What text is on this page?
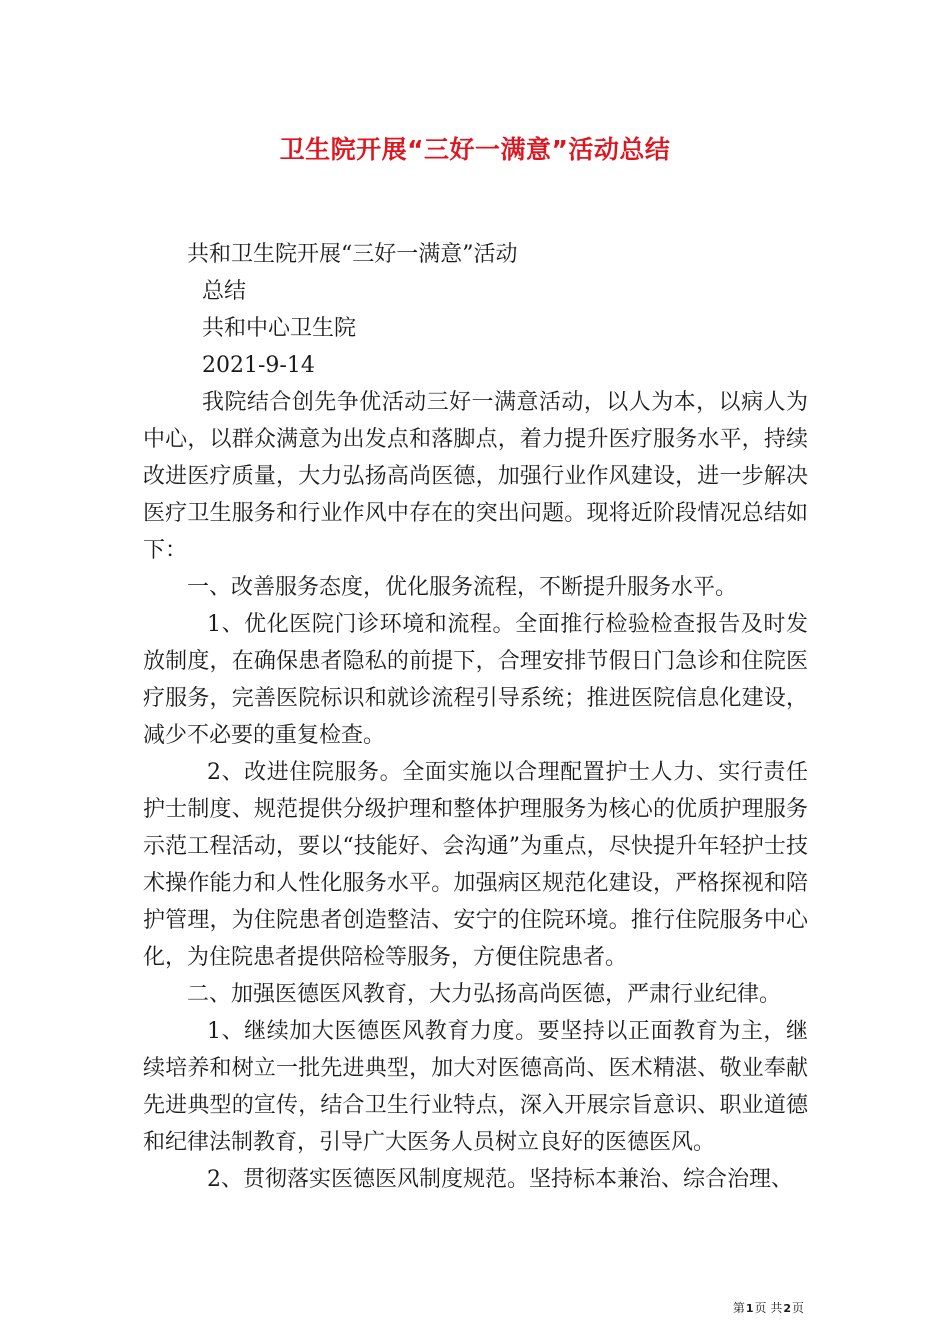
卫生院开展“三好一满意”活动总结

共和卫生院开展“三好一满意”活动

总结

共和中心卫生院

2021-9-14

我院结合创先争优活动三好一满意活动，以人为本，以病人为中心，以群众满意为出发点和落脚点，着力提升医疗服务水平，持续改进医疗质量，大力弘扬高尚医德，加强行业作风建设，进一步解决医疗卫生服务和行业作风中存在的突出问题。现将近阶段情况总结如下：

一、改善服务态度，优化服务流程，不断提升服务水平。

1、优化医院门诊环境和流程。全面推行检验检查报告及时发放制度，在确保患者隐私的前提下，合理安排节假日门急诊和住院医疗服务，完善医院标识和就诊流程引导系统；推进医院信息化建设，减少不必要的重复检查。

2、改进住院服务。全面实施以合理配置护士人力、实行责任护士制度、规范提供分级护理和整体护理服务为核心的优质护理服务示范工程活动，要以“技能好、会沟通”为重点，尽快提升年轻护士技术操作能力和人性化服务水平。加强病区规范化建设，严格探视和陪护管理，为住院患者创造整洁、安宁的住院环境。推行住院服务中心化，为住院患者提供陪检等服务，方便住院患者。

二、加强医德医风教育，大力弘扬高尚医德，严肃行业纪律。

1、继续加大医德医风教育力度。要坚持以正面教育为主，继续培养和树立一批先进典型，加大对医德高尚、医术精湛、敬业奉献先进典型的宣传，结合卫生行业特点，深入开展宗旨意识、职业道德和纪律法制教育，引导广大医务人员树立良好的医德医风。

2、贯彻落实医德医风制度规范。坚持标本兼治、综合治理、

第1页 共2页
